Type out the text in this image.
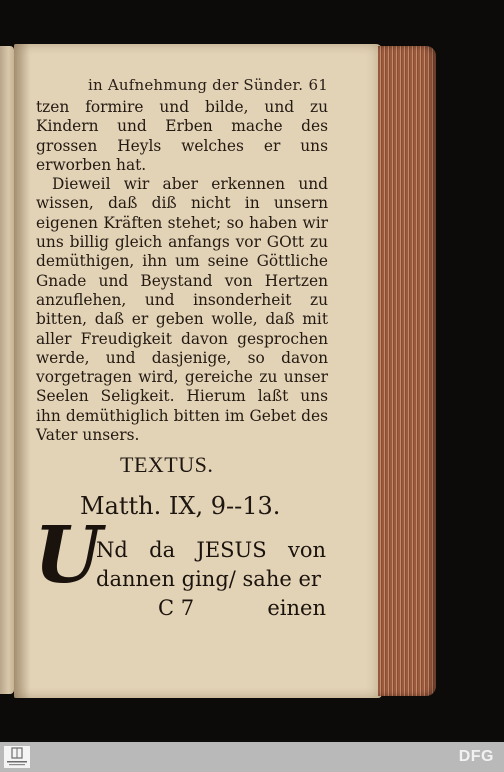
in Aufnehmung der Sünder. 61

tzen formire und bilde, und zu Kindern und Erben mache des grossen Heyls welches er uns erworben hat.

Dieweil wir aber erkennen und wissen, daß diß nicht in unsern eigenen Kräften stehet; so haben wir uns billig gleich anfangs vor GOtt zu demüthigen, ihn um seine Göttliche Gnade und Beystand von Hertzen anzuflehen, und insonderheit zu bitten, daß er geben wolle, daß mit aller Freudigkeit davon gesprochen werde, und dasjenige, so davon vorgetragen wird, gereiche zu unser Seelen Seligkeit. Hierum laßt uns ihn demüthiglich bitten im Gebet des Vater unsers.

TEXTUS.
Matth. IX, 9--13.
U
Nd da JESUS von dannen ging/ sahe er
C 7	einen
DFG
